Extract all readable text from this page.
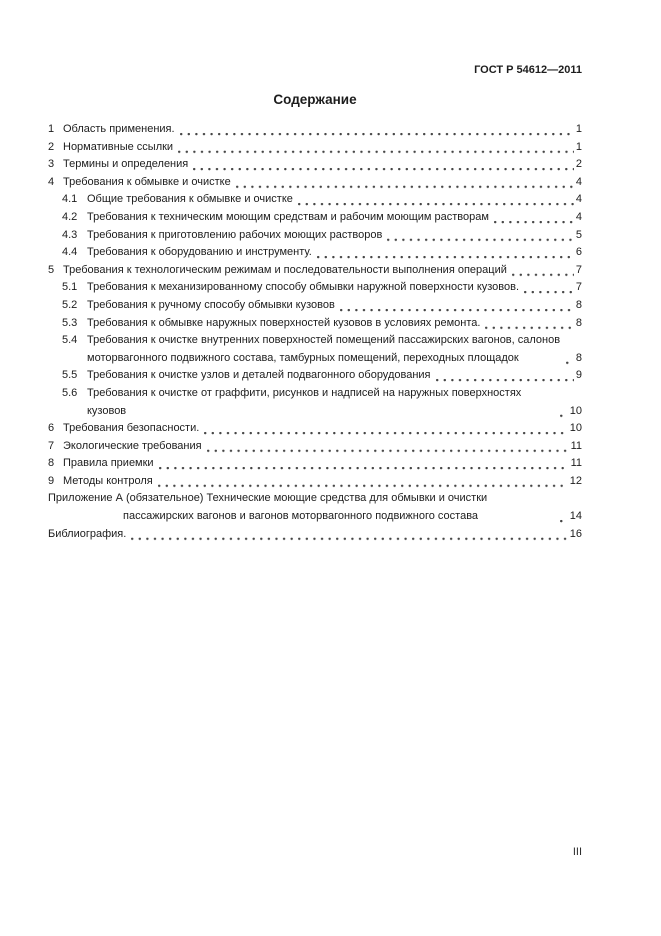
ГОСТ Р 54612—2011
Содержание
1 Область применения.	1
2 Нормативные ссылки	1
3 Термины и определения	2
4 Требования к обмывке и очистке	4
4.1 Общие требования к обмывке и очистке	4
4.2 Требования к техническим моющим средствам и рабочим моющим растворам	4
4.3 Требования к приготовлению рабочих моющих растворов	5
4.4 Требования к оборудованию и инструменту.	6
5 Требования к технологическим режимам и последовательности выполнения операций	7
5.1 Требования к механизированному способу обмывки наружной поверхности кузовов.	7
5.2 Требования к ручному способу обмывки кузовов	8
5.3 Требования к обмывке наружных поверхностей кузовов в условиях ремонта.	8
5.4 Требования к очистке внутренних поверхностей помещений пассажирских вагонов, салонов моторвагонного подвижного состава, тамбурных помещений, переходных площадок	8
5.5 Требования к очистке узлов и деталей подвагонного оборудования	9
5.6 Требования к очистке от граффити, рисунков и надписей на наружных поверхностях кузовов	10
6 Требования безопасности.	10
7 Экологические требования	11
8 Правила приемки	11
9 Методы контроля	12
Приложение А (обязательное) Технические моющие средства для обмывки и очистки пассажирских вагонов и вагонов моторвагонного подвижного состава	14
Библиография.	16
III
